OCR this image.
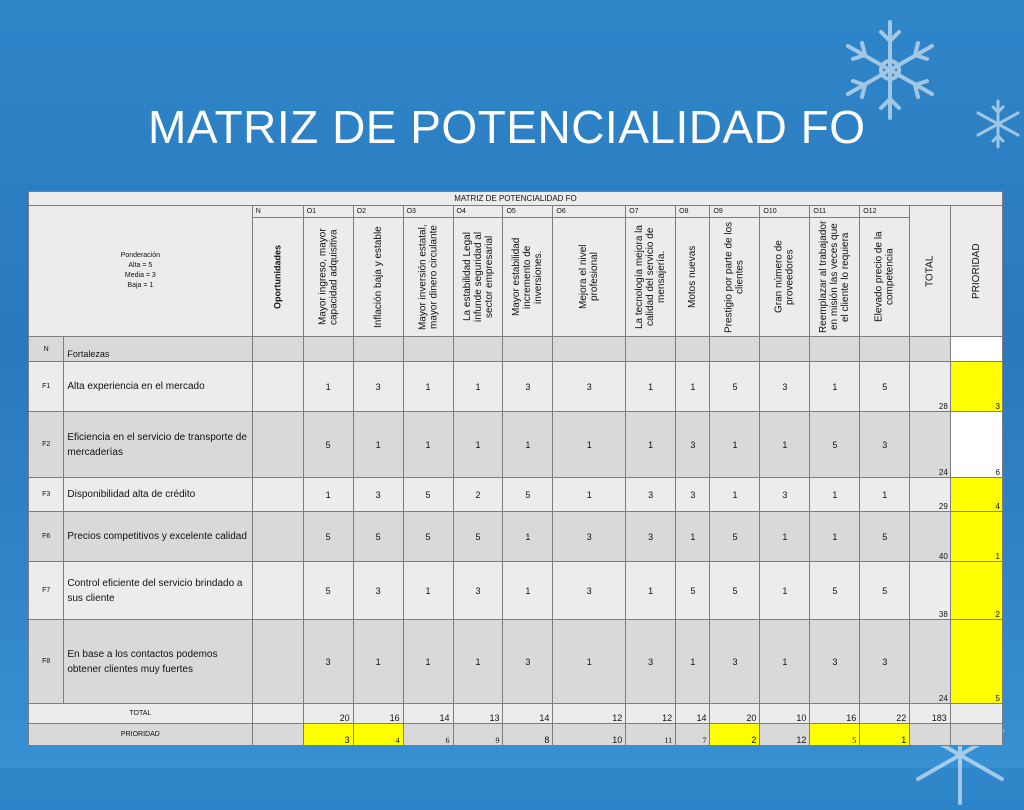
MATRIZ DE POTENCIALIDAD FO
MATRIZ DE POTENCIALIDAD FO																

Ponderación
Alta = 5
Media = 3
Baja = 1		N	O1	O2	O3	O4	O5	O6	O7	O8	O9	O10	O11	O12	TOTAL	PRIORIDAD

Oportunidades	Mayor ingreso, mayor capacidad adquisitiva	Inflación baja y estable	Mayor inversión estatal, mayor dinero circulante	La estabilidad Legal infunde seguridad al sector empresarial	Mayor estabilidad incremento de inversiones.	Mejora el nivel profesional	La tecnología mejora la calidad del servicio de mensajería.	Motos nuevas	Prestigio por parte de los clientes	Gran número de proveedores	Reemplazar al trabajador en misión las veces que el cliente lo requiera	Elevado precio de la competencia		

N	Fortalezas															
F1	Alta experiencia en el mercado		1	3	1	1	3	3	1	1	5	3	1	5	28	3
F2	Eficiencia en el servicio de transporte de mercaderías		5	1	1	1	1	1	1	3	1	1	5	3	24	6
F3	Disponibilidad alta de crédito		1	3	5	2	5	1	3	3	1	3	1	1	29	4
F6	Precios competitivos y excelente calidad		5	5	5	5	1	3	3	1	5	1	1	5	40	1
F7	Control eficiente del servicio brindado a sus cliente		5	3	1	3	1	3	1	5	5	1	5	5	38	2
F8	En base a los contactos podemos obtener clientes muy fuertes		3	1	1	1	3	1	3	1	3	1	3	3	24	5
TOTAL			20	16	14	13	14	12	12	14	20	10	16	22	183	
PRIORIDAD			3	4	6	9	8	10	11	7	2	12	5	1		
